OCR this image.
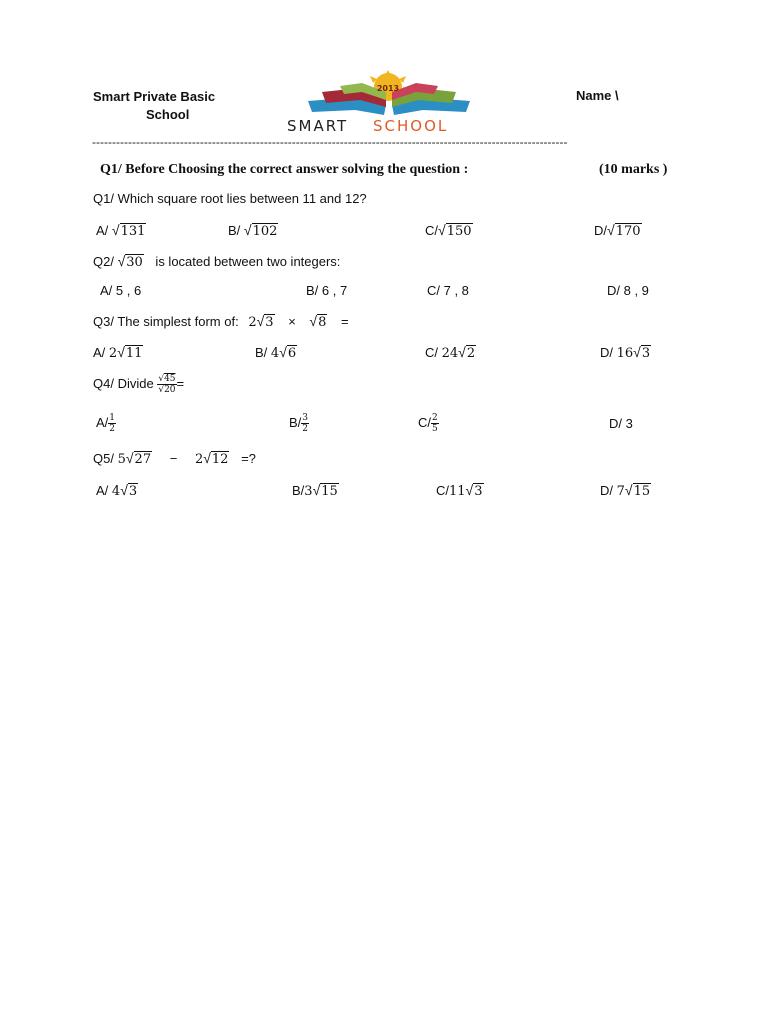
Smart Private Basic
School
2013
SMART SCHOOL
Name \
-----------------------------------------------------------------------------------------------------------------------
Q1/ Before Choosing the correct answer solving the question :	(10 marks )
Q1/ Which square root lies between 11 and 12?
A/ √131	B/ √102	C/√150	D/√170
Q2/ √30 is located between two integers:
A/ 5 , 6	B/ 6 , 7	C/ 7 , 8	D/ 8 , 9
Q3/ The simplest form of: 2√3 × √8 =
A/ 2√11	B/ 4√6	C/ 24√2	D/ 16√3
Q4/ Divide $\frac{√45}{√20}$ =
$A/ \frac{1}{2}$	$B/ \frac{3}{2}$	$C/ \frac{2}{5}$	D/ 3
Q5/ 5√27 − 2√12 =?
A/ 4√3	B/3√15	C/11√3	D/ 7√15
